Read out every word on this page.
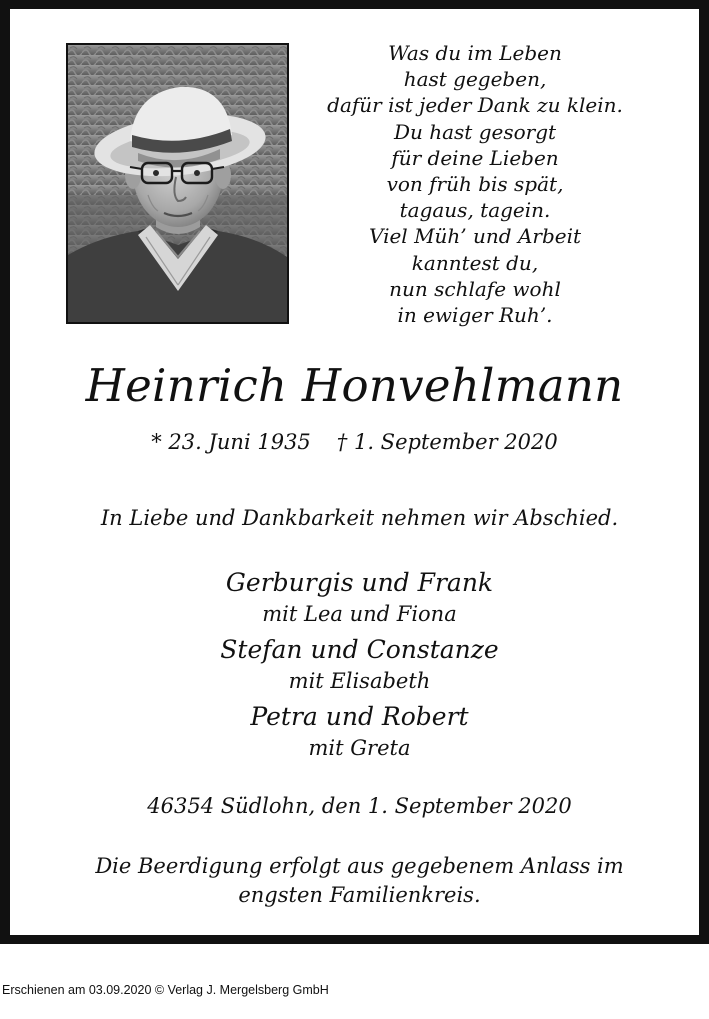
Was du im Leben
hast gegeben,
dafür ist jeder Dank zu klein.
Du hast gesorgt
für deine Lieben
von früh bis spät,
tagaus, tagein.
Viel Müh’ und Arbeit
kanntest du,
nun schlafe wohl
in ewiger Ruh’.
Heinrich Honvehlmann
* 23. Juni 1935 † 1. September 2020
In Liebe und Dankbarkeit nehmen wir Abschied.
Gerburgis und Frank
mit Lea und Fiona
Stefan und Constanze
mit Elisabeth
Petra und Robert
mit Greta
46354 Südlohn, den 1. September 2020
Die Beerdigung erfolgt aus gegebenem Anlass im
engsten Familienkreis.
Erschienen am 03.09.2020 © Verlag J. Mergelsberg GmbH
